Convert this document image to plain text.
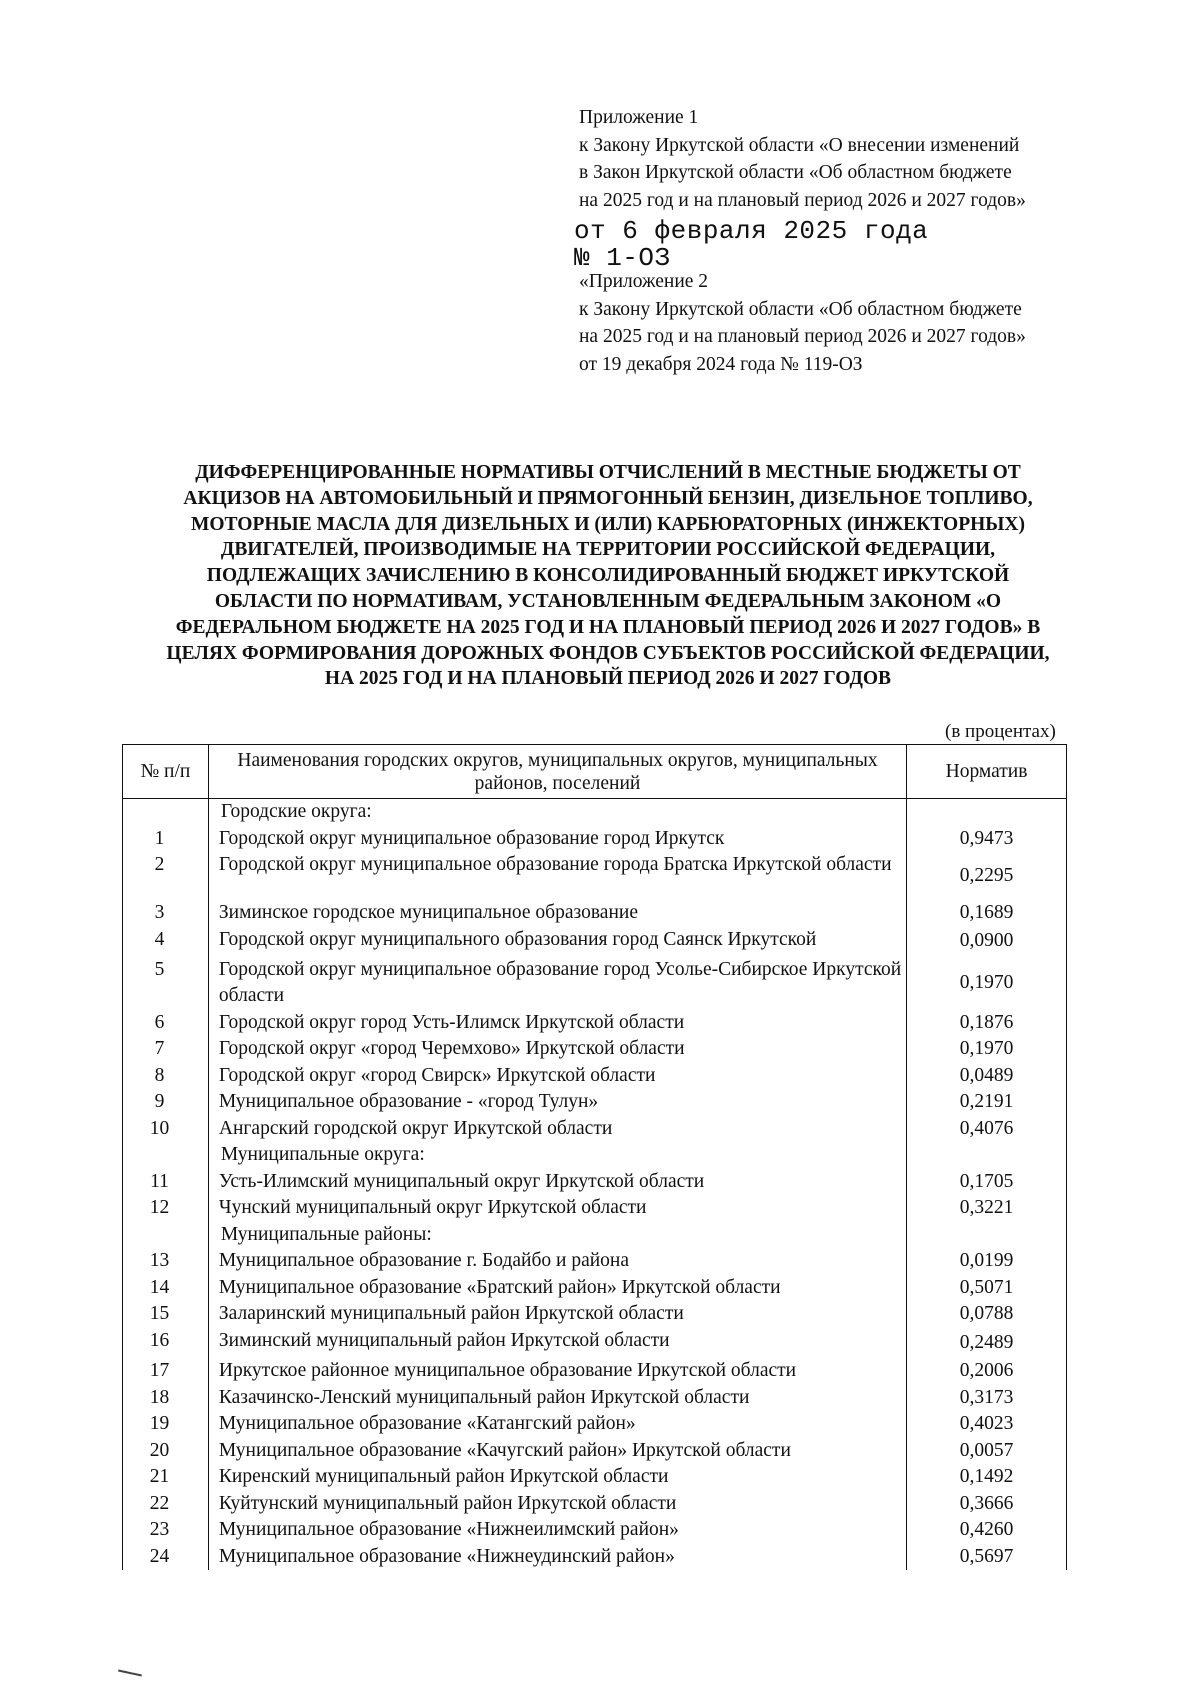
Приложение 1
к Закону Иркутской области «О внесении изменений
в Закон Иркутской области «Об областном бюджете
на 2025 год и на плановый период 2026 и 2027 годов»
от 6 февраля 2025 года
№ 1-ОЗ
«Приложение 2
к Закону Иркутской области «Об областном бюджете
на 2025 год и на плановый период 2026 и 2027 годов»
от 19 декабря 2024 года № 119-ОЗ
ДИФФЕРЕНЦИРОВАННЫЕ НОРМАТИВЫ ОТЧИСЛЕНИЙ В МЕСТНЫЕ БЮДЖЕТЫ ОТ
АКЦИЗОВ НА АВТОМОБИЛЬНЫЙ И ПРЯМОГОННЫЙ БЕНЗИН, ДИЗЕЛЬНОЕ ТОПЛИВО,
МОТОРНЫЕ МАСЛА ДЛЯ ДИЗЕЛЬНЫХ И (ИЛИ) КАРБЮРАТОРНЫХ (ИНЖЕКТОРНЫХ)
ДВИГАТЕЛЕЙ, ПРОИЗВОДИМЫЕ НА ТЕРРИТОРИИ РОССИЙСКОЙ ФЕДЕРАЦИИ,
ПОДЛЕЖАЩИХ ЗАЧИСЛЕНИЮ В КОНСОЛИДИРОВАННЫЙ БЮДЖЕТ ИРКУТСКОЙ
ОБЛАСТИ ПО НОРМАТИВАМ, УСТАНОВЛЕННЫМ ФЕДЕРАЛЬНЫМ ЗАКОНОМ «О
ФЕДЕРАЛЬНОМ БЮДЖЕТЕ НА 2025 ГОД И НА ПЛАНОВЫЙ ПЕРИОД 2026 И 2027 ГОДОВ» В
ЦЕЛЯХ ФОРМИРОВАНИЯ ДОРОЖНЫХ ФОНДОВ СУБЪЕКТОВ РОССИЙСКОЙ ФЕДЕРАЦИИ,
НА 2025 ГОД И НА ПЛАНОВЫЙ ПЕРИОД 2026 И 2027 ГОДОВ
(в процентах)
№ п/п	Наименования городских округов, муниципальных округов, муниципальных районов, поселений	Норматив
	Городские округа:	
1	Городской округ муниципальное образование город Иркутск	0,9473
2	Городской округ муниципальное образование города Братска Иркутской области	0,2295
3	Зиминское городское муниципальное образование	0,1689
4	Городской округ муниципального образования город Саянск Иркутской	0,0900
5	Городской округ муниципальное образование город Усолье-Сибирское Иркутской области	0,1970
6	Городской округ город Усть-Илимск Иркутской области	0,1876
7	Городской округ «город Черемхово» Иркутской области	0,1970
8	Городской округ «город Свирск» Иркутской области	0,0489
9	Муниципальное образование - «город Тулун»	0,2191
10	Ангарский городской округ Иркутской области	0,4076
	Муниципальные округа:	
11	Усть-Илимский муниципальный округ Иркутской области	0,1705
12	Чунский муниципальный округ Иркутской области	0,3221
	Муниципальные районы:	
13	Муниципальное образование г. Бодайбо и района	0,0199
14	Муниципальное образование «Братский район» Иркутской области	0,5071
15	Заларинский муниципальный район Иркутской области	0,0788
16	Зиминский муниципальный район Иркутской области	0,2489
17	Иркутское районное муниципальное образование Иркутской области	0,2006
18	Казачинско-Ленский муниципальный район Иркутской области	0,3173
19	Муниципальное образование «Катангский район»	0,4023
20	Муниципальное образование «Качугский район» Иркутской области	0,0057
21	Киренский муниципальный район Иркутской области	0,1492
22	Куйтунский муниципальный район Иркутской области	0,3666
23	Муниципальное образование «Нижнеилимский район»	0,4260
24	Муниципальное образование «Нижнеудинский район»	0,5697
